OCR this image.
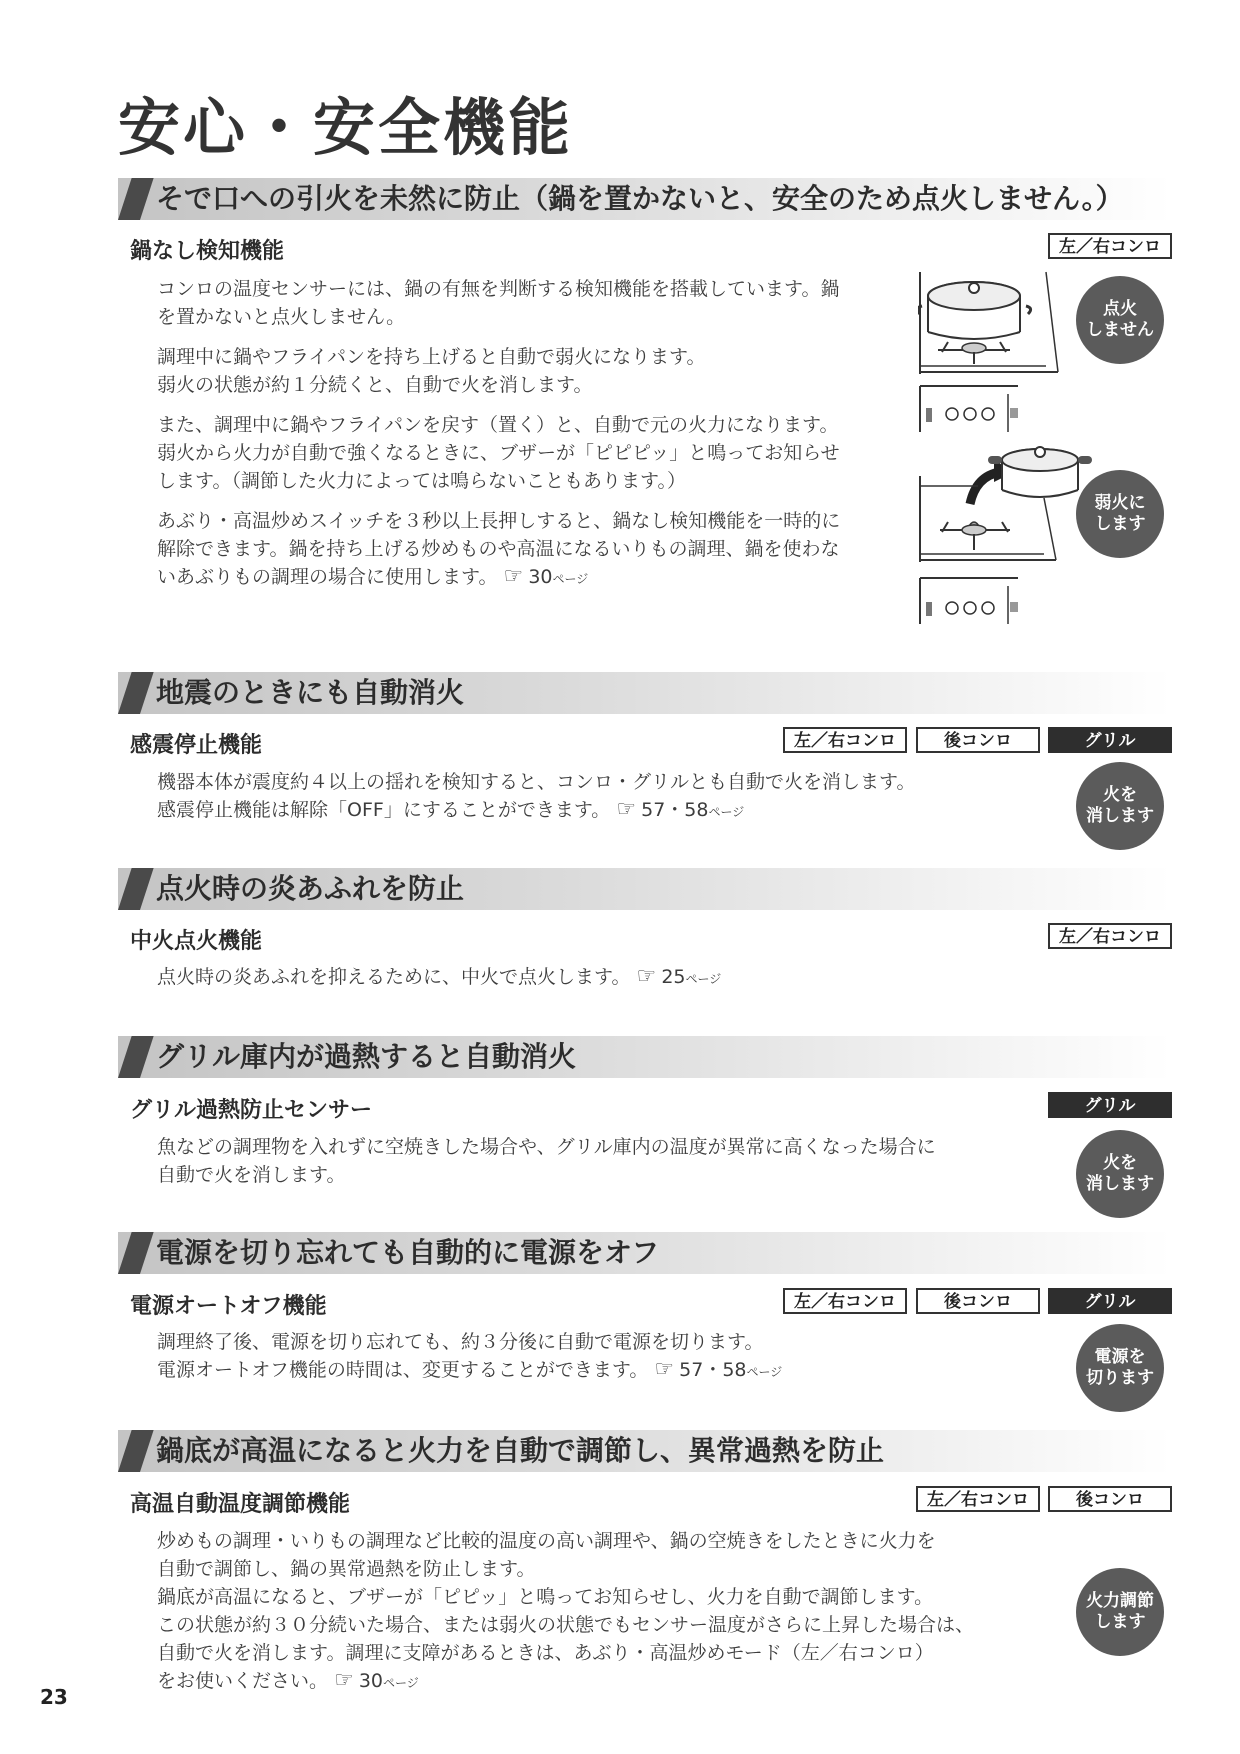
安心・安全機能
そで口への引火を未然に防止（鍋を置かないと、安全のため点火しません。）
鍋なし検知機能	左／右コンロ

コンロの温度センサーには、鍋の有無を判断する検知機能を搭載しています。鍋を置かないと点火しません。

調理中に鍋やフライパンを持ち上げると自動で弱火になります。

弱火の状態が約１分続くと、自動で火を消します。

また、調理中に鍋やフライパンを戻す（置く）と、自動で元の火力になります。

弱火から火力が自動で強くなるときに、ブザーが「ピピピッ」と鳴ってお知らせします。（調節した火力によっては鳴らないこともあります。）

あぶり・高温炒めスイッチを３秒以上長押しすると、鍋なし検知機能を一時的に解除できます。鍋を持ち上げる炒めものや高温になるいりもの調理、鍋を使わないあぶりもの調理の場合に使用します。 ☞ 30ページ

点火
しません
弱火に
します
地震のときにも自動消火
感震停止機能	左／右コンロ	後コンロ	グリル

機器本体が震度約４以上の揺れを検知すると、コンロ・グリルとも自動で火を消します。

感震停止機能は解除「OFF」にすることができます。 ☞ 57・58ページ

火を
消します
点火時の炎あふれを防止
中火点火機能	左／右コンロ

点火時の炎あふれを抑えるために、中火で点火します。 ☞ 25ページ

グリル庫内が過熱すると自動消火
グリル過熱防止センサー	グリル

魚などの調理物を入れずに空焼きした場合や、グリル庫内の温度が異常に高くなった場合に

自動で火を消します。

火を
消します
電源を切り忘れても自動的に電源をオフ
電源オートオフ機能	左／右コンロ	後コンロ	グリル

調理終了後、電源を切り忘れても、約３分後に自動で電源を切ります。

電源オートオフ機能の時間は、変更することができます。 ☞ 57・58ページ

電源を
切ります
鍋底が高温になると火力を自動で調節し、異常過熱を防止
高温自動温度調節機能	左／右コンロ	後コンロ

炒めもの調理・いりもの調理など比較的温度の高い調理や、鍋の空焼きをしたときに火力を

自動で調節し、鍋の異常過熱を防止します。

鍋底が高温になると、ブザーが「ピピッ」と鳴ってお知らせし、火力を自動で調節します。

この状態が約３０分続いた場合、または弱火の状態でもセンサー温度がさらに上昇した場合は、

自動で火を消します。調理に支障があるときは、あぶり・高温炒めモード（左／右コンロ）

をお使いください。 ☞ 30ページ

火力調節
します
23
